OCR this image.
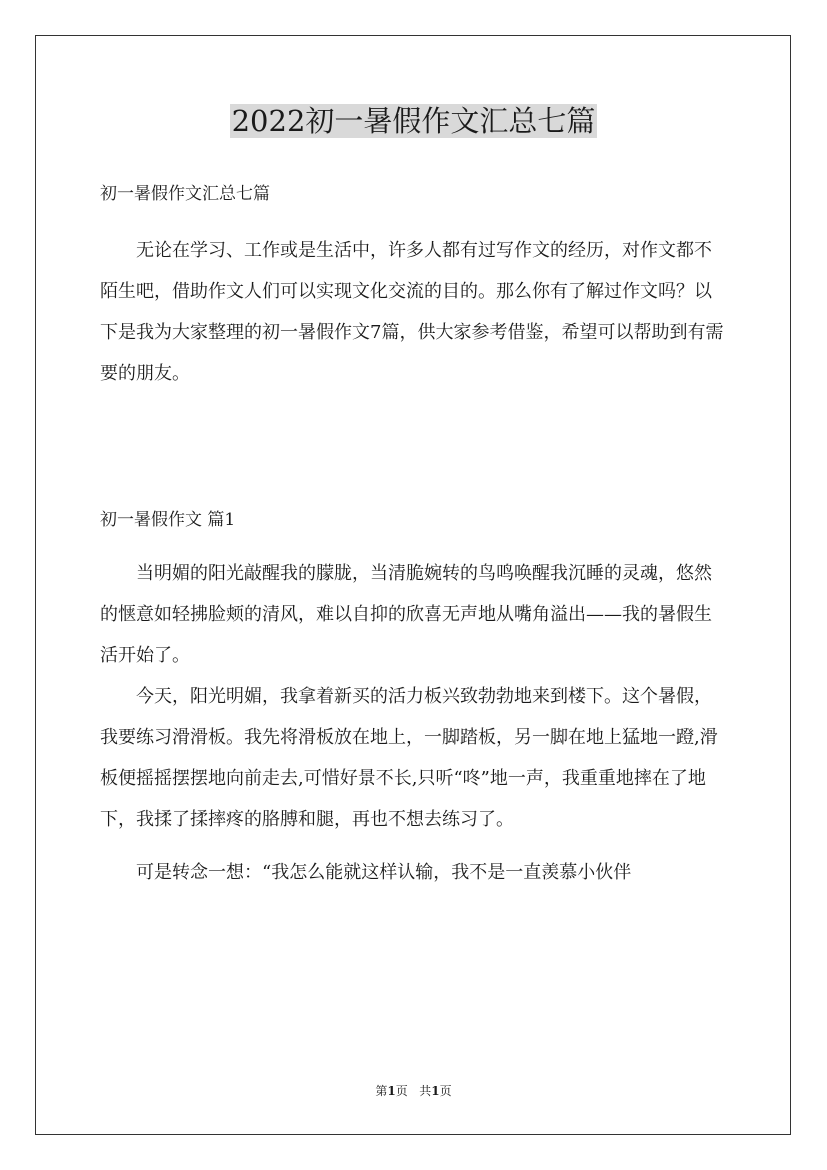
2022初一暑假作文汇总七篇
初一暑假作文汇总七篇

无论在学习、工作或是生活中，许多人都有过写作文的经历，对作文都不陌生吧，借助作文人们可以实现文化交流的目的。那么你有了解过作文吗？以下是我为大家整理的初一暑假作文7篇，供大家参考借鉴，希望可以帮助到有需要的朋友。

初一暑假作文 篇1

当明媚的阳光敲醒我的朦胧，当清脆婉转的鸟鸣唤醒我沉睡的灵魂，悠然的惬意如轻拂脸颊的清风，难以自抑的欣喜无声地从嘴角溢出——我的暑假生活开始了。

今天，阳光明媚，我拿着新买的活力板兴致勃勃地来到楼下。这个暑假，我要练习滑滑板。我先将滑板放在地上，一脚踏板，另一脚在地上猛地一蹬,滑板便摇摇摆摆地向前走去,可惜好景不长,只听“咚”地一声，我重重地摔在了地下，我揉了揉摔疼的胳膊和腿，再也不想去练习了。

可是转念一想：“我怎么能就这样认输，我不是一直羡慕小伙伴

第1页 共1页
